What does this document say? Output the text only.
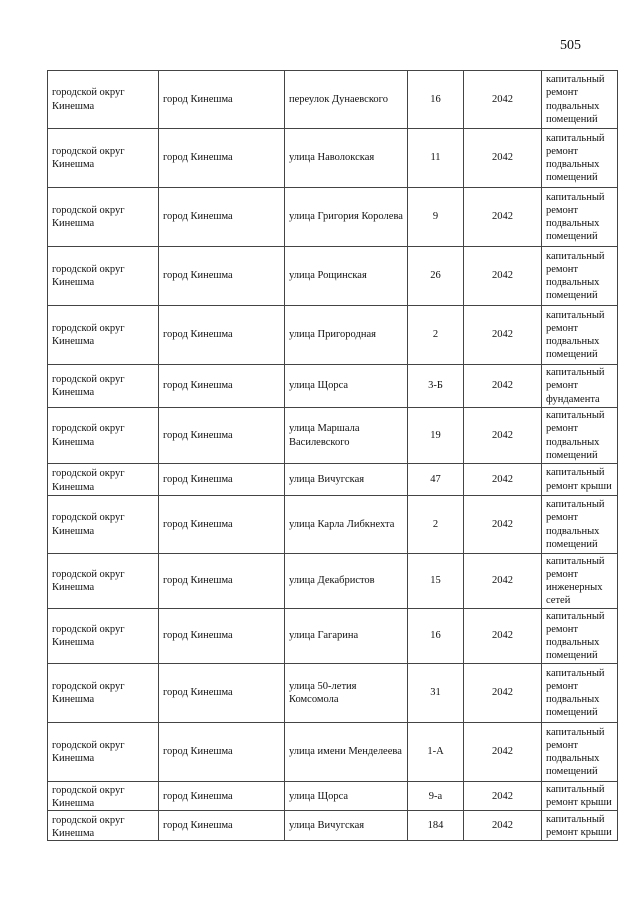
505
городской округ Кинешма	город Кинешма	переулок Дунаевского	16	2042	капитальный ремонт подвальных помещений
городской округ Кинешма	город Кинешма	улица Наволокская	11	2042	капитальный ремонт подвальных помещений
городской округ Кинешма	город Кинешма	улица Григория Королева	9	2042	капитальный ремонт подвальных помещений
городской округ Кинешма	город Кинешма	улица Рощинская	26	2042	капитальный ремонт подвальных помещений
городской округ Кинешма	город Кинешма	улица Пригородная	2	2042	капитальный ремонт подвальных помещений
городской округ Кинешма	город Кинешма	улица Щорса	3-Б	2042	капитальный ремонт фундамента
городской округ Кинешма	город Кинешма	улица Маршала Василевского	19	2042	капитальный ремонт подвальных помещений
городской округ Кинешма	город Кинешма	улица Вичугская	47	2042	капитальный ремонт крыши
городской округ Кинешма	город Кинешма	улица Карла Либкнехта	2	2042	капитальный ремонт подвальных помещений
городской округ Кинешма	город Кинешма	улица Декабристов	15	2042	капитальный ремонт инженерных сетей
городской округ Кинешма	город Кинешма	улица Гагарина	16	2042	капитальный ремонт подвальных помещений
городской округ Кинешма	город Кинешма	улица 50-летия Комсомола	31	2042	капитальный ремонт подвальных помещений
городской округ Кинешма	город Кинешма	улица имени Менделеева	1-А	2042	капитальный ремонт подвальных помещений
городской округ Кинешма	город Кинешма	улица Щорса	9-а	2042	капитальный ремонт крыши
городской округ Кинешма	город Кинешма	улица Вичугская	184	2042	капитальный ремонт крыши
